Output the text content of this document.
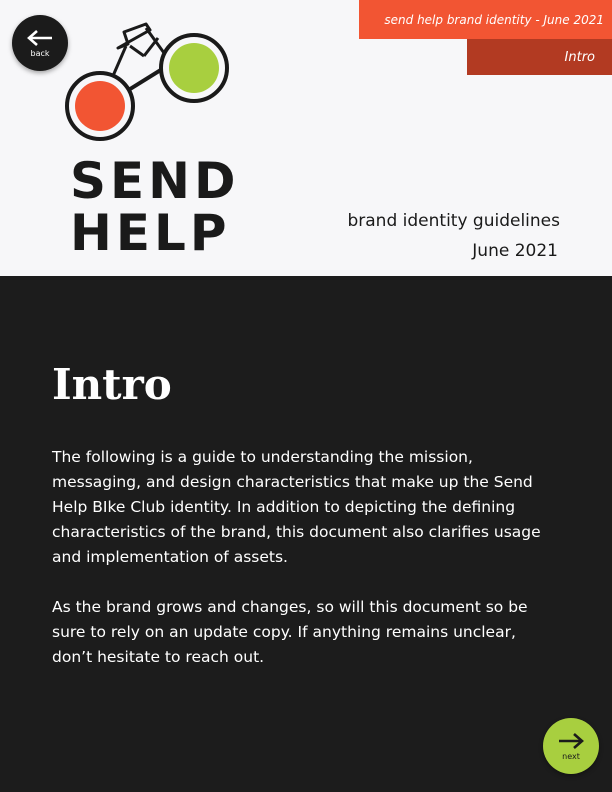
back
SEND
HELP
send help brand identity - June 2021
Intro
brand identity guidelines
June 2021
Intro

The following is a guide to understanding the mission, messaging, and design characteristics that make up the Send Help BIke Club identity. In addition to depicting the defining characteristics of the brand, this document also clarifies usage and implementation of assets.

As the brand grows and changes, so will this document so be sure to rely on an update copy. If anything remains unclear, don’t hesitate to reach out.

next
